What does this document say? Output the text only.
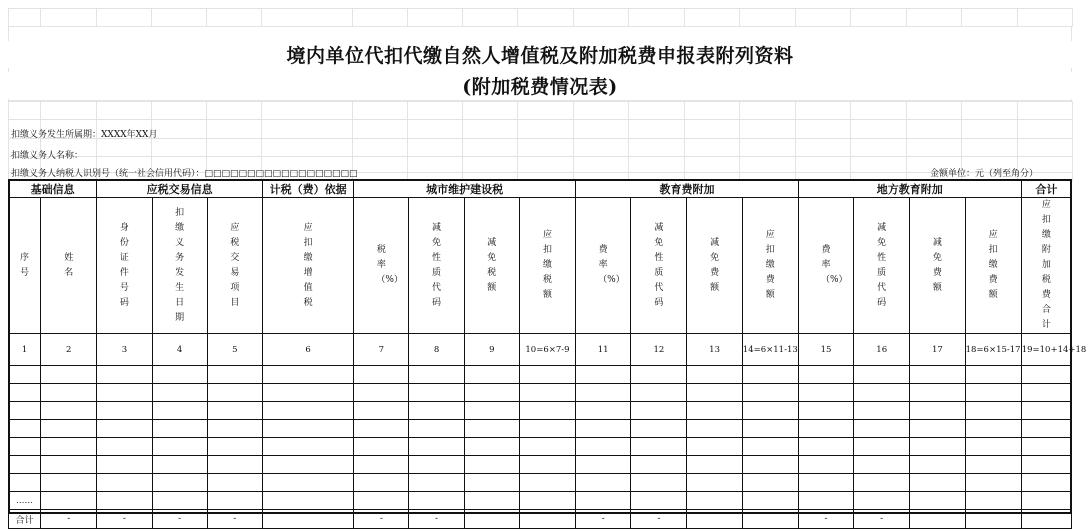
境内单位代扣代缴自然人增值税及附加税费申报表附列资料
(附加税费情况表)
扣缴义务发生所属期：XXXX年XX月
扣缴义务人名称：
扣缴义务人纳税人识别号（统一社会信用代码）：□□□□□□□□□□□□□□□□□□	金额单位：元（列至角分）
基础信息		应税交易信息			计税（费）依据	城市维护建设税				教育费附加				地方教育附加				合计
序号	姓名	身份证件号码	扣缴义务发生日期	应税交易项目	应扣缴增值税	税率（%）	减免性质代码	减免税额	应扣缴税额	费率（%）	减免性质代码	减免费额	应扣缴费额	费率（%）	减免性质代码	减免费额	应扣缴费额	应扣缴附加税费合计
1	2	3	4	5	6	7	8	9	10=6×7-9	11	12	13	14=6×11-13	15	16	17	18=6×15-17	19=10+14+18

……																		
合计	-	-	-	-		-	-			-	-			-	-			
